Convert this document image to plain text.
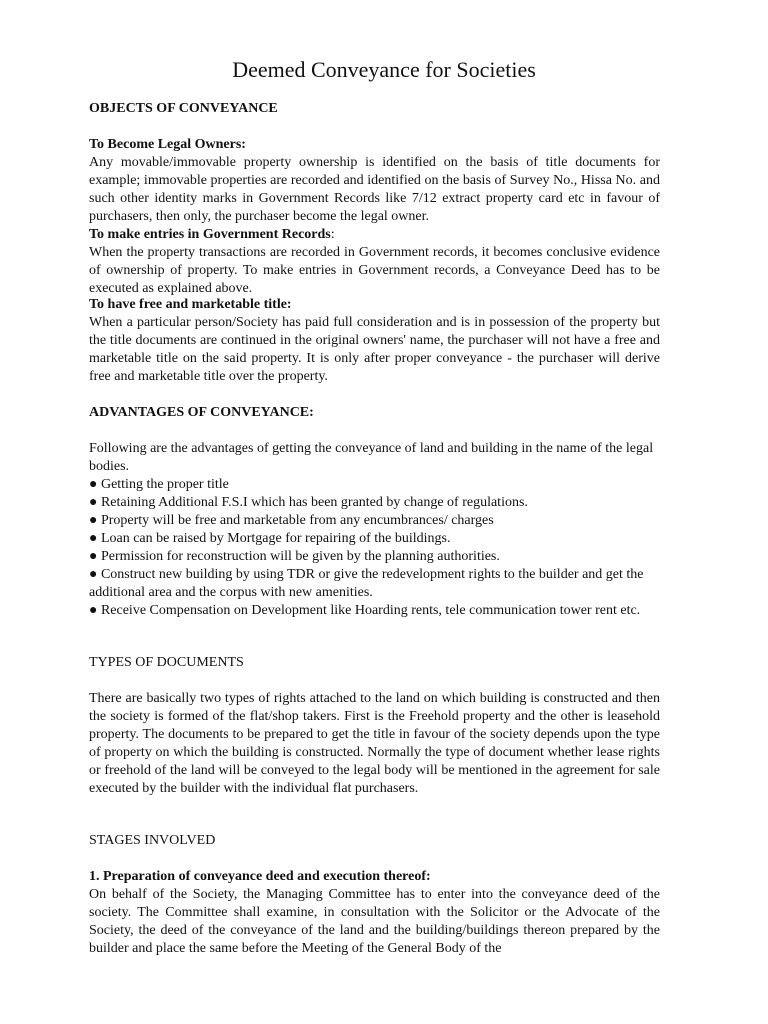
Deemed Conveyance for Societies
OBJECTS OF CONVEYANCE
To Become Legal Owners:
Any movable/immovable property ownership is identified on the basis of title documents for example; immovable properties are recorded and identified on the basis of Survey No., Hissa No. and such other identity marks in Government Records like 7/12 extract property card etc in favour of purchasers, then only, the purchaser become the legal owner.
To make entries in Government Records:
When the property transactions are recorded in Government records, it becomes conclusive evidence of ownership of property. To make entries in Government records, a Conveyance Deed has to be executed as explained above.
To have free and marketable title:
When a particular person/Society has paid full consideration and is in possession of the property but the title documents are continued in the original owners' name, the purchaser will not have a free and marketable title on the said property. It is only after proper conveyance - the purchaser will derive free and marketable title over the property.
ADVANTAGES OF CONVEYANCE:
Following are the advantages of getting the conveyance of land and building in the name of the legal bodies.
● Getting the proper title
● Retaining Additional F.S.I which has been granted by change of regulations.
● Property will be free and marketable from any encumbrances/ charges
● Loan can be raised by Mortgage for repairing of the buildings.
● Permission for reconstruction will be given by the planning authorities.
● Construct new building by using TDR or give the redevelopment rights to the builder and get the additional area and the corpus with new amenities.
● Receive Compensation on Development like Hoarding rents, tele communication tower rent etc.
TYPES OF DOCUMENTS
There are basically two types of rights attached to the land on which building is constructed and then the society is formed of the flat/shop takers. First is the Freehold property and the other is leasehold property. The documents to be prepared to get the title in favour of the society depends upon the type of property on which the building is constructed. Normally the type of document whether lease rights or freehold of the land will be conveyed to the legal body will be mentioned in the agreement for sale executed by the builder with the individual flat purchasers.
STAGES INVOLVED
1. Preparation of conveyance deed and execution thereof:
On behalf of the Society, the Managing Committee has to enter into the conveyance deed of the society. The Committee shall examine, in consultation with the Solicitor or the Advocate of the Society, the deed of the conveyance of the land and the building/buildings thereon prepared by the builder and place the same before the Meeting of the General Body of the
